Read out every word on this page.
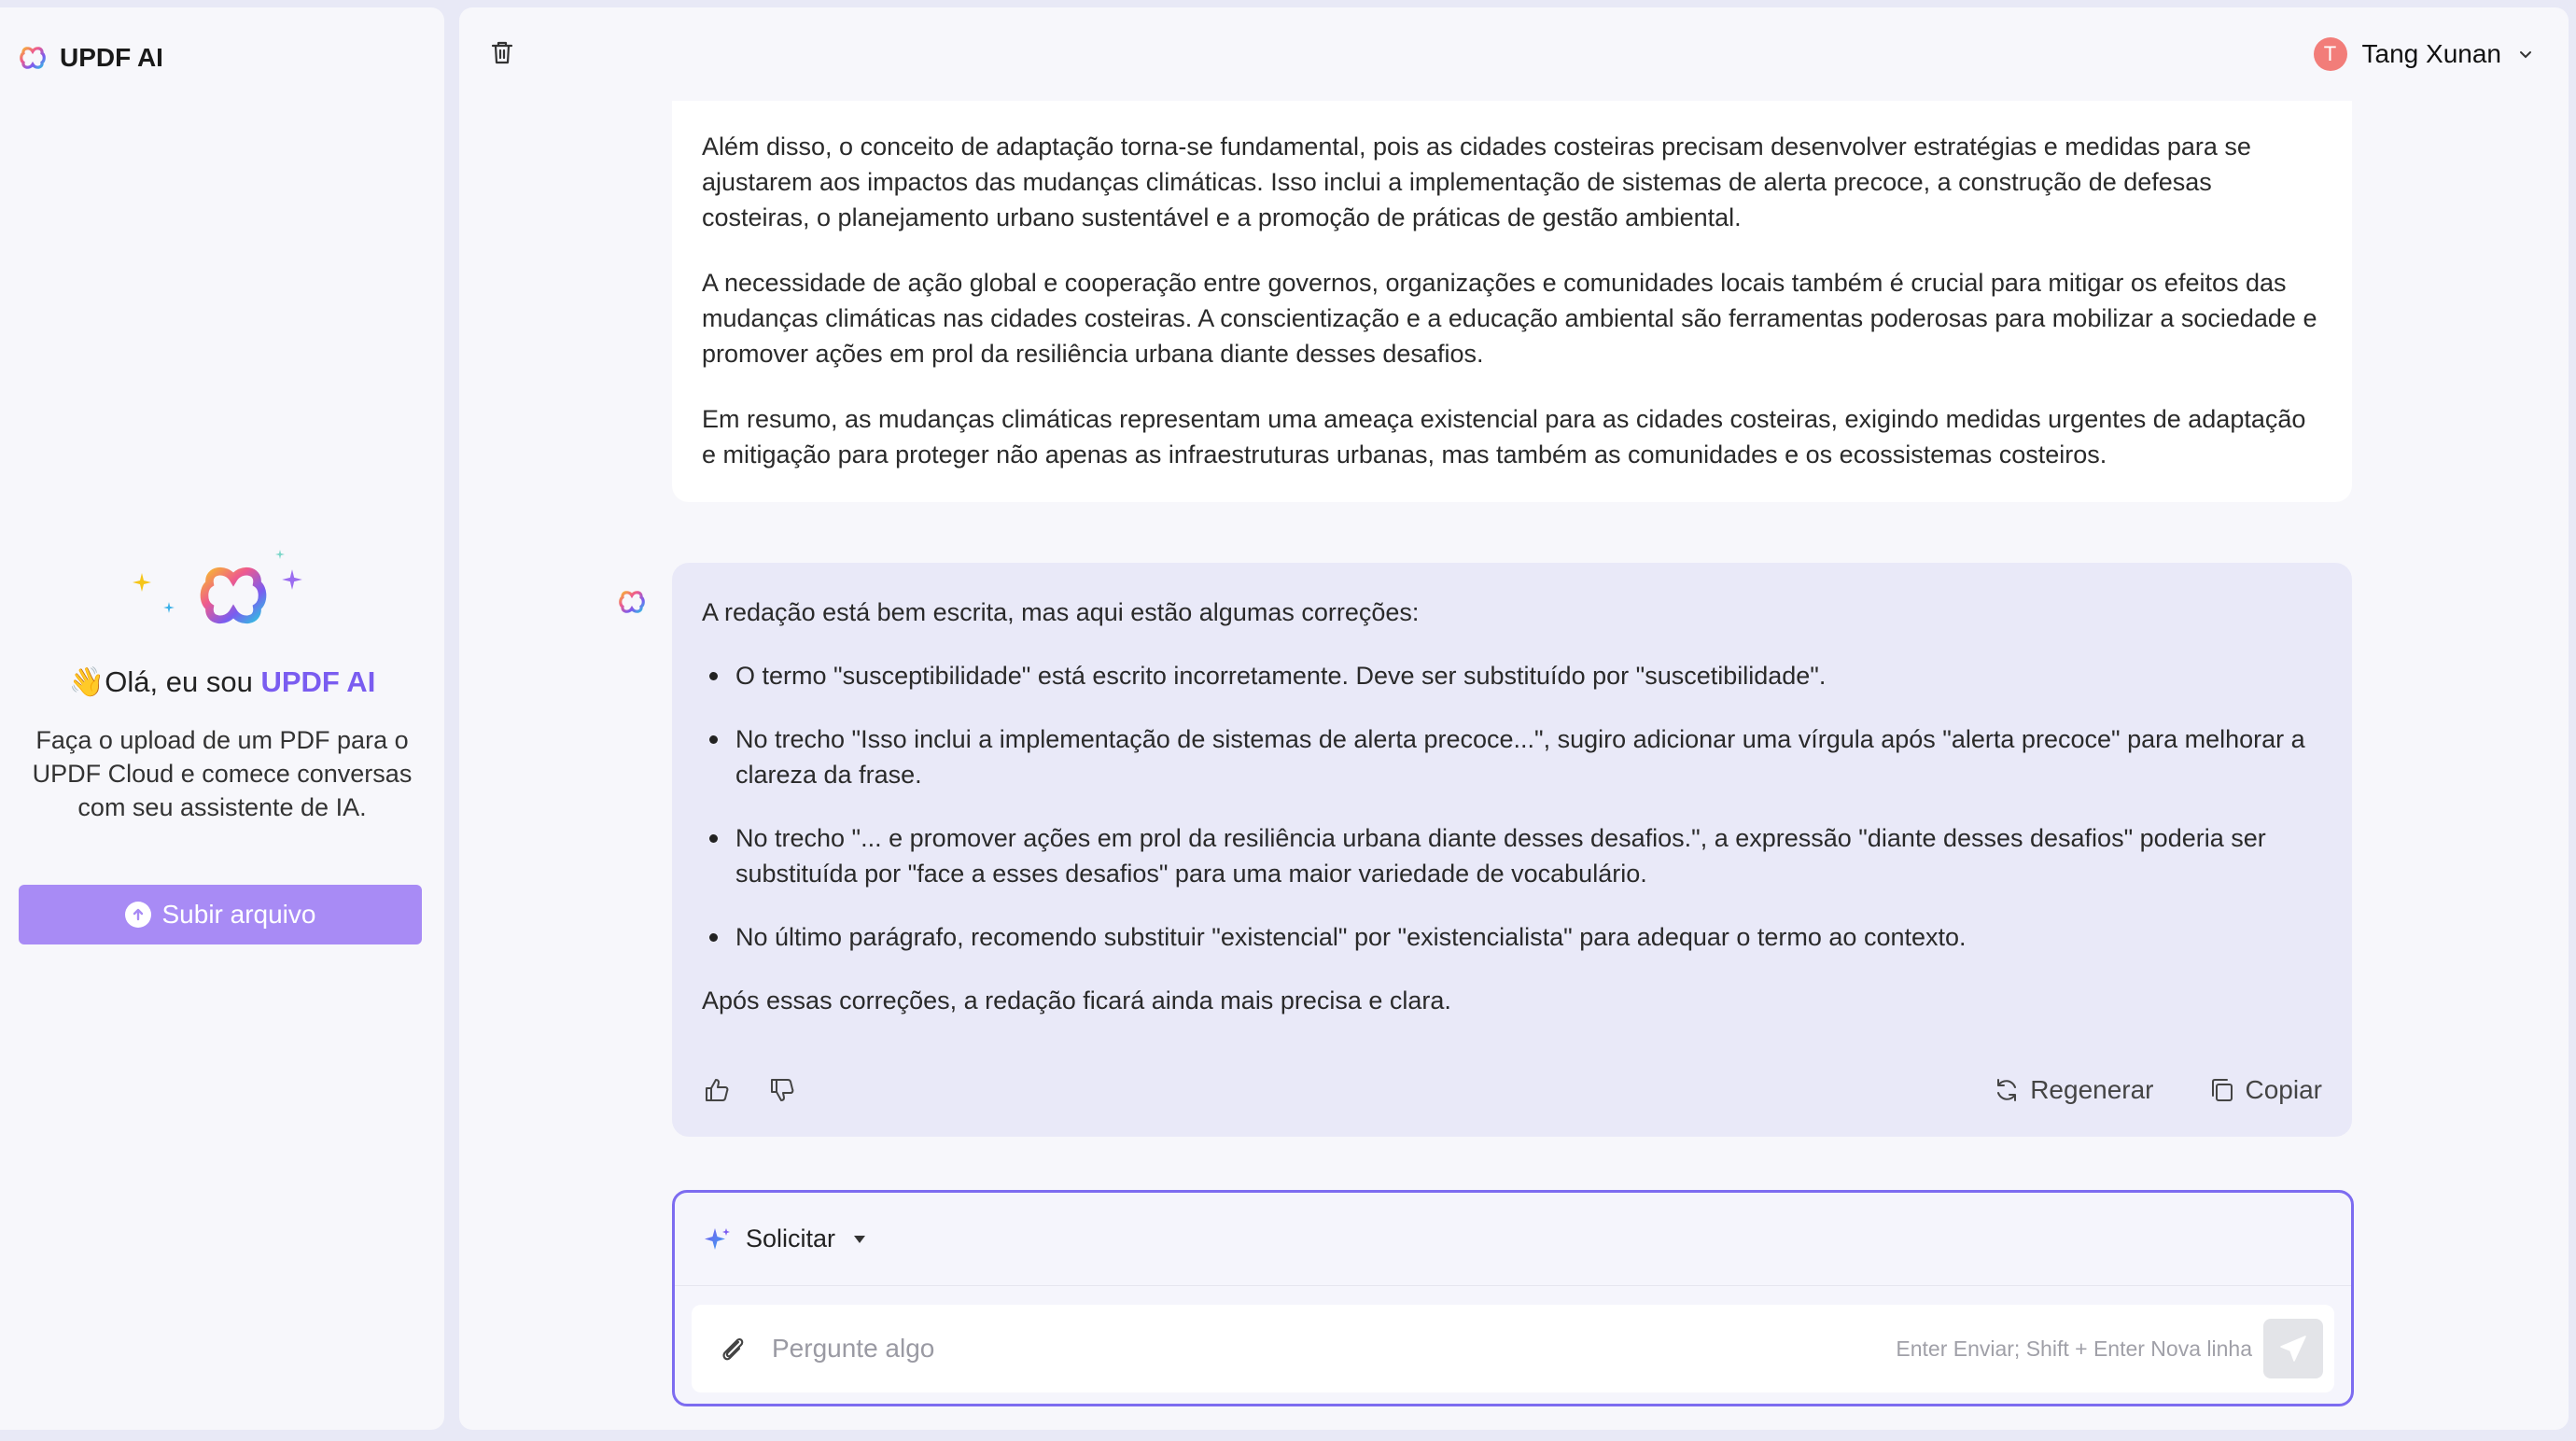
UPDF AI
👋Olá, eu sou UPDF AI
Faça o upload de um PDF para o UPDF Cloud e comece conversas com seu assistente de IA.
Subir arquivo
T Tang Xunan

Além disso, o conceito de adaptação torna-se fundamental, pois as cidades costeiras precisam desenvolver estratégias e medidas para se ajustarem aos impactos das mudanças climáticas. Isso inclui a implementação de sistemas de alerta precoce, a construção de defesas costeiras, o planejamento urbano sustentável e a promoção de práticas de gestão ambiental.

A necessidade de ação global e cooperação entre governos, organizações e comunidades locais também é crucial para mitigar os efeitos das mudanças climáticas nas cidades costeiras. A conscientização e a educação ambiental são ferramentas poderosas para mobilizar a sociedade e promover ações em prol da resiliência urbana diante desses desafios.

Em resumo, as mudanças climáticas representam uma ameaça existencial para as cidades costeiras, exigindo medidas urgentes de adaptação e mitigação para proteger não apenas as infraestruturas urbanas, mas também as comunidades e os ecossistemas costeiros.

A redação está bem escrita, mas aqui estão algumas correções:

O termo "susceptibilidade" está escrito incorretamente. Deve ser substituído por "suscetibilidade".
No trecho "Isso inclui a implementação de sistemas de alerta precoce...", sugiro adicionar uma vírgula após "alerta precoce" para melhorar a clareza da frase.
No trecho "... e promover ações em prol da resiliência urbana diante desses desafios.", a expressão "diante desses desafios" poderia ser substituída por "face a esses desafios" para uma maior variedade de vocabulário.
No último parágrafo, recomendo substituir "existencial" por "existencialista" para adequar o termo ao contexto.

Após essas correções, a redação ficará ainda mais precisa e clara.

Regenerar	Copiar
Solicitar
Pergunte algo
Enter Enviar; Shift + Enter Nova linha
